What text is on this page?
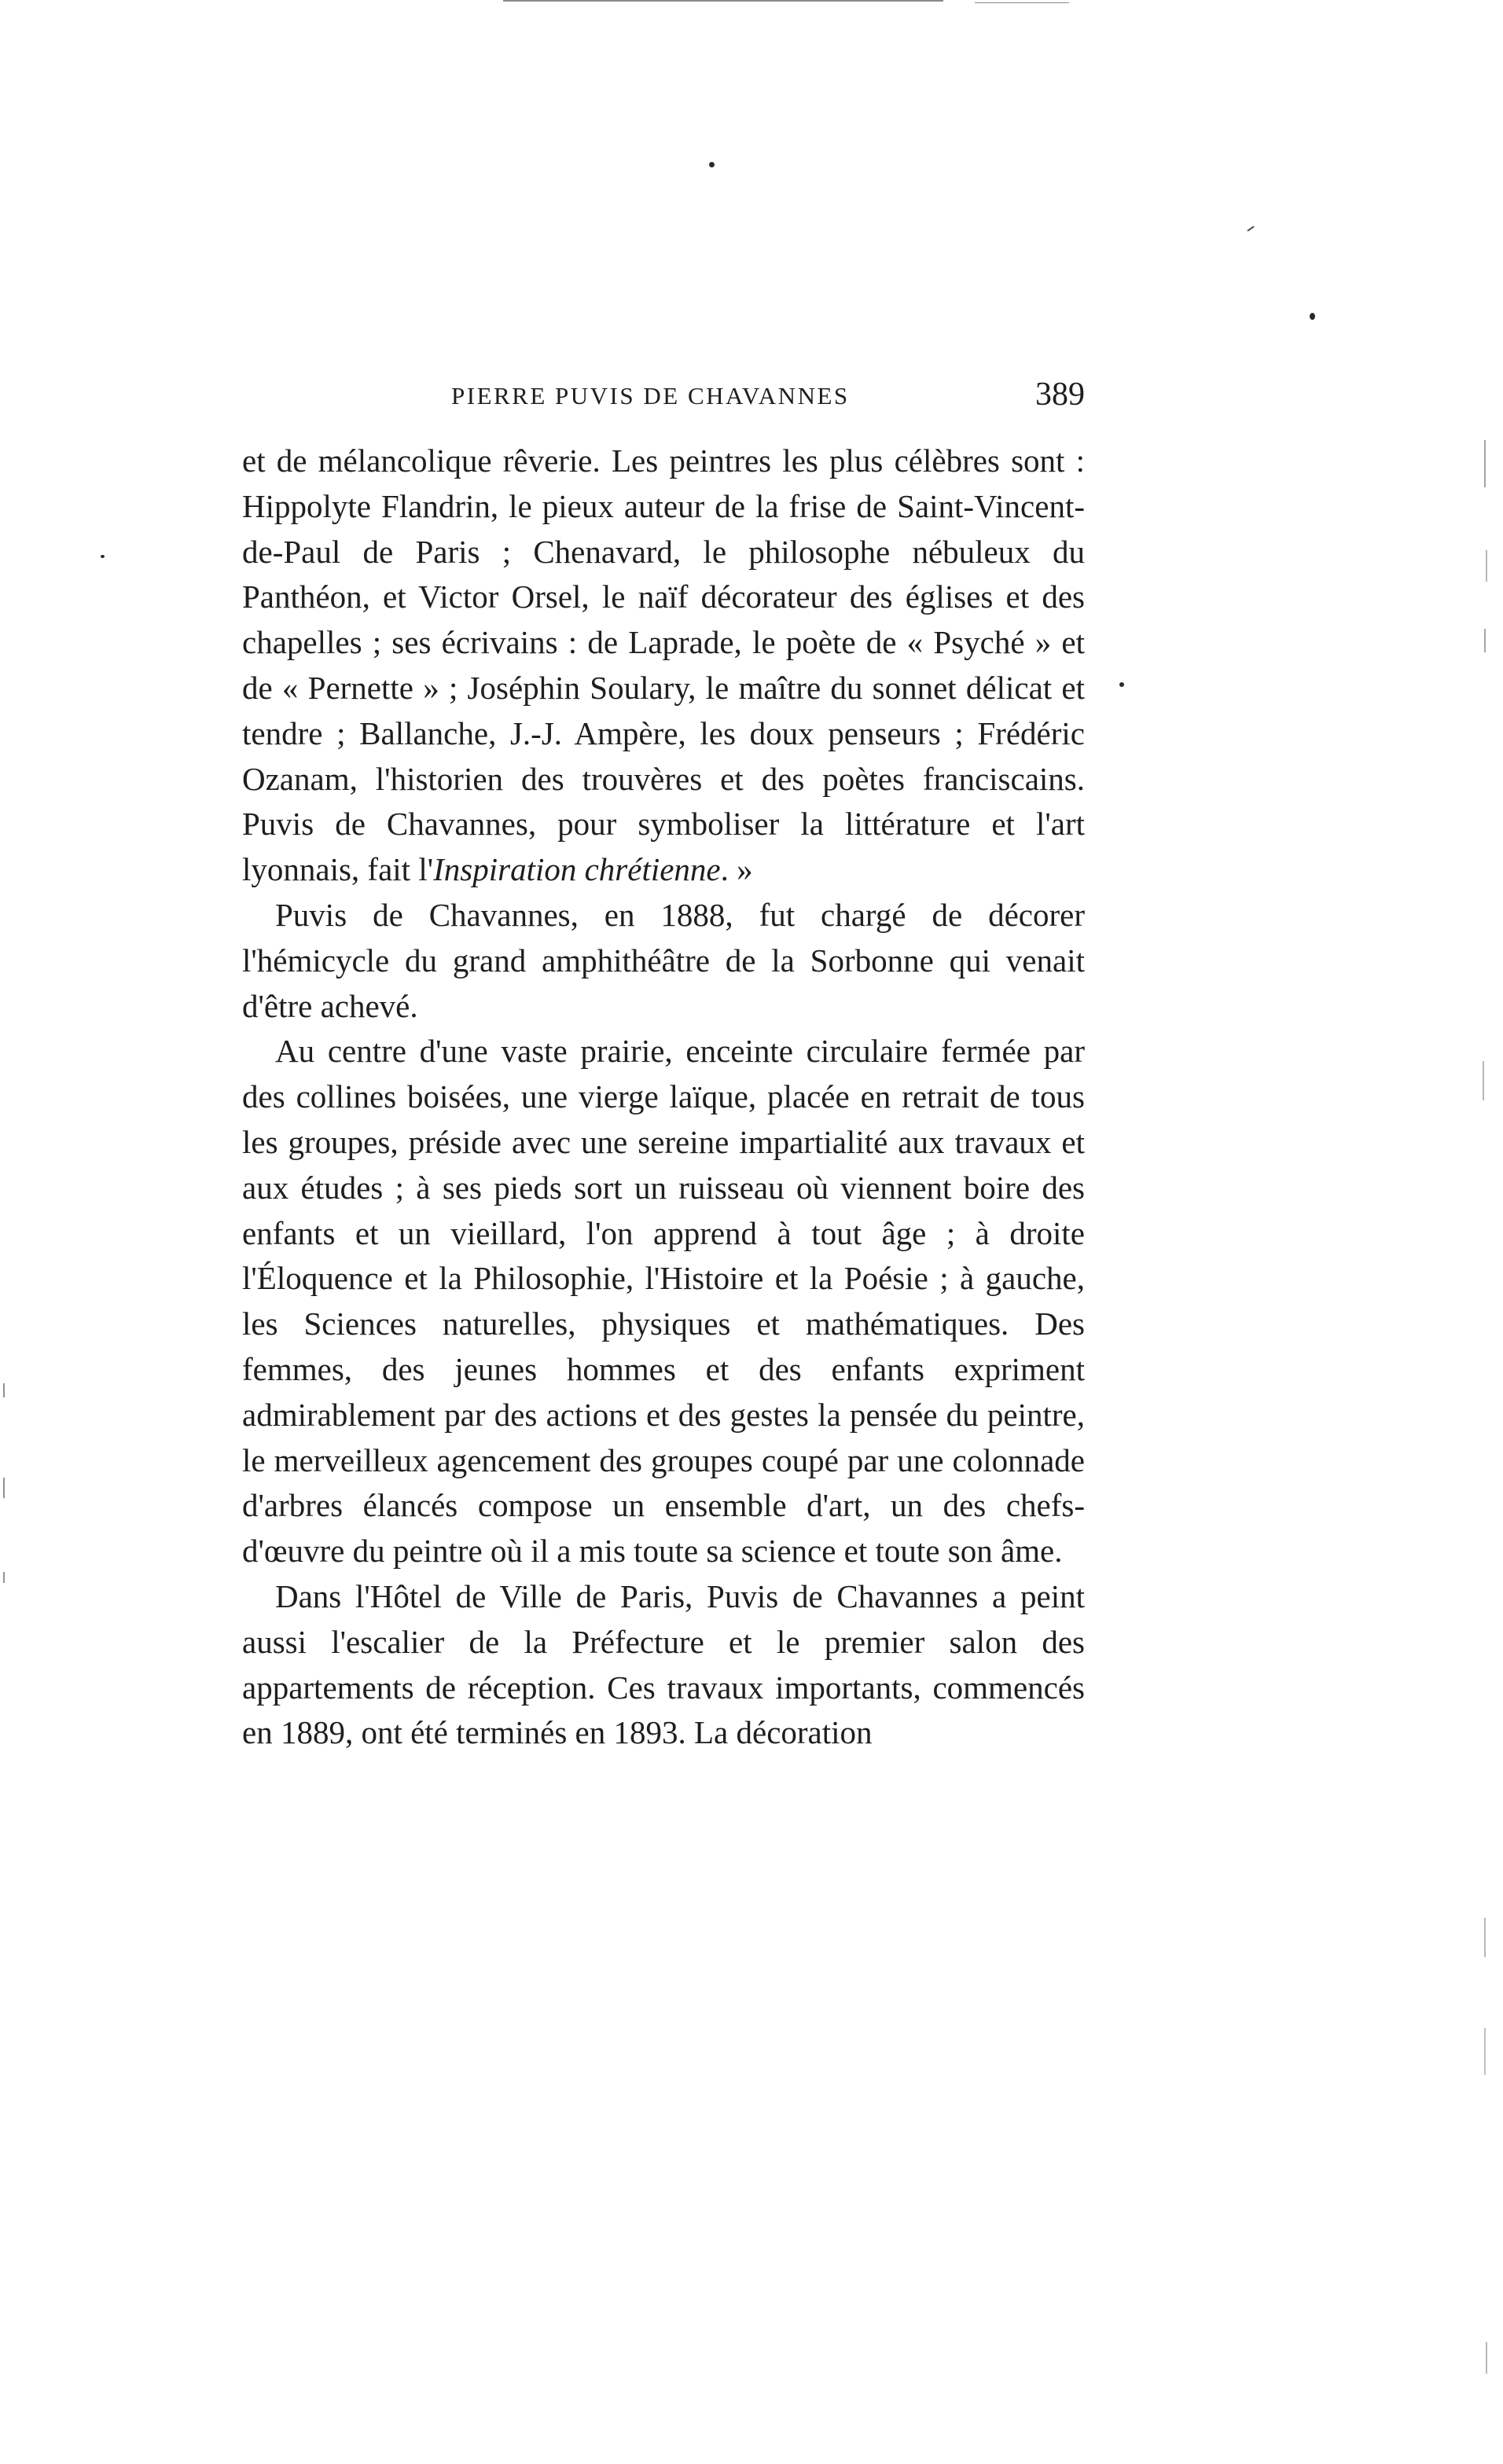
PIERRE PUVIS DE CHAVANNES	389

et de mélancolique rêverie. Les peintres les plus célèbres sont : Hippolyte Flandrin, le pieux auteur de la frise de Saint-Vincent-de-Paul de Paris ; Chenavard, le philosophe nébuleux du Panthéon, et Victor Orsel, le naïf décorateur des églises et des chapelles ; ses écrivains : de Laprade, le poète de « Psyché » et de « Pernette » ; Joséphin Soulary, le maître du sonnet délicat et tendre ; Ballanche, J.-J. Ampère, les doux penseurs ; Frédéric Ozanam, l'historien des trouvères et des poètes franciscains. Puvis de Chavannes, pour symboliser la littérature et l'art lyonnais, fait l'Inspiration chrétienne. »

Puvis de Chavannes, en 1888, fut chargé de décorer l'hémicycle du grand amphithéâtre de la Sorbonne qui venait d'être achevé.

Au centre d'une vaste prairie, enceinte circulaire fermée par des collines boisées, une vierge laïque, placée en retrait de tous les groupes, préside avec une sereine impartialité aux travaux et aux études ; à ses pieds sort un ruisseau où viennent boire des enfants et un vieillard, l'on apprend à tout âge ; à droite l'Éloquence et la Philosophie, l'Histoire et la Poésie ; à gauche, les Sciences naturelles, physiques et mathématiques. Des femmes, des jeunes hommes et des enfants expriment admirablement par des actions et des gestes la pensée du peintre, le merveilleux agencement des groupes coupé par une colonnade d'arbres élancés compose un ensemble d'art, un des chefs-d'œuvre du peintre où il a mis toute sa science et toute son âme.

Dans l'Hôtel de Ville de Paris, Puvis de Chavannes a peint aussi l'escalier de la Préfecture et le premier salon des appartements de réception. Ces travaux importants, commencés en 1889, ont été terminés en 1893. La décoration
